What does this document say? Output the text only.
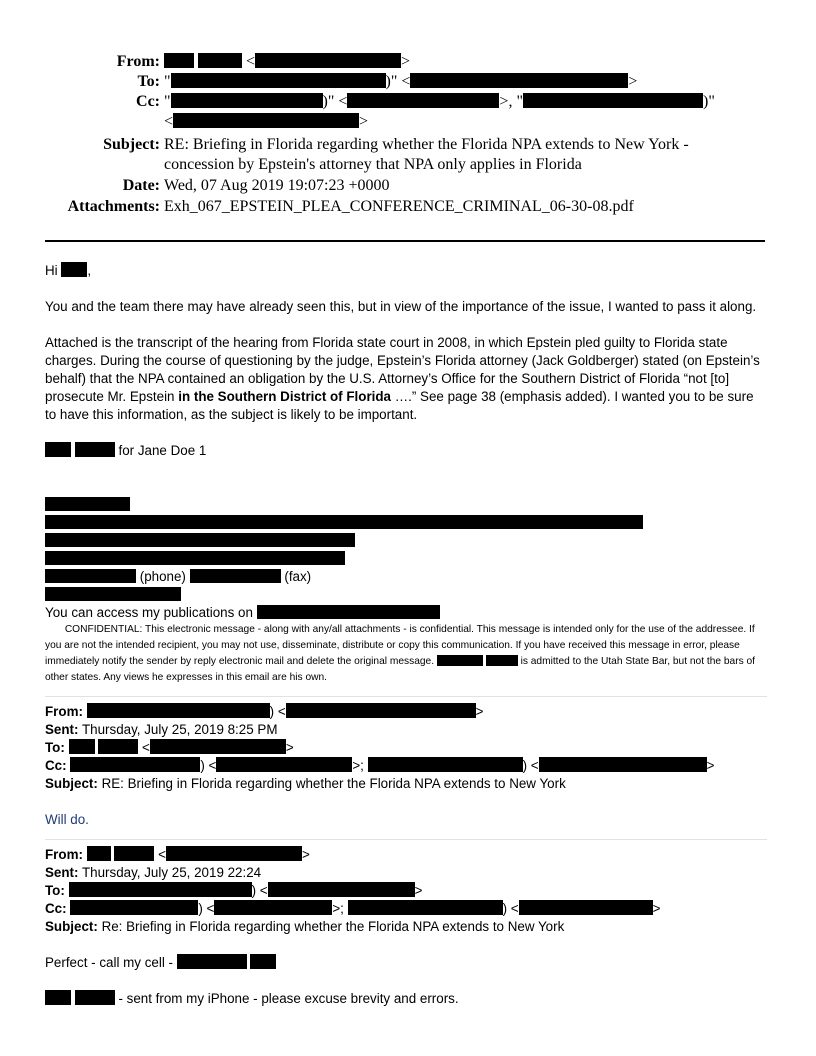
From:	<	>
To: "	)" <	>
Cc: "	)" <	>, "	)"
<	>
Subject: RE: Briefing in Florida regarding whether the Florida NPA extends to New York -
concession by Epstein's attorney that NPA only applies in Florida
Date: Wed, 07 Aug 2019 19:07:23 +0000
Attachments: Exh_067_EPSTEIN_PLEA_CONFERENCE_CRIMINAL_06-30-08.pdf

Hi ,

You and the team there may have already seen this, but in view of the importance of the issue, I wanted to pass it along.

Attached is the transcript of the hearing from Florida state court in 2008, in which Epstein pled guilty to Florida state charges. During the course of questioning by the judge, Epstein’s Florida attorney (Jack Goldberger) stated (on Epstein’s behalf) that the NPA contained an obligation by the U.S. Attorney’s Office for the Southern District of Florida “not [to] prosecute Mr. Epstein in the Southern District of Florida ….” See page 38 (emphasis added). I wanted you to be sure to have this information, as the subject is likely to be important.

for Jane Doe 1

(phone)	(fax)
You can access my publications on

CONFIDENTIAL: This electronic message - along with any/all attachments - is confidential. This message is intended only for the use of the addressee. If you are not the intended recipient, you may not use, disseminate, distribute or copy this communication. If you have received this message in error, please immediately notify the sender by reply electronic mail and delete the original message.	is admitted to the Utah State Bar, but not the bars of other states. Any views he expresses in this email are his own.

From:	) <	>

Sent: Thursday, July 25, 2019 8:25 PM

To:	<	>

Cc:	) <	>;	) <	>

Subject: RE: Briefing in Florida regarding whether the Florida NPA extends to New York

Will do.

From:	<	>

Sent: Thursday, July 25, 2019 22:24

To:	) <	>

Cc:	) <	>;	) <	>

Subject: Re: Briefing in Florida regarding whether the Florida NPA extends to New York

Perfect - call my cell -

- sent from my iPhone - please excuse brevity and errors.
